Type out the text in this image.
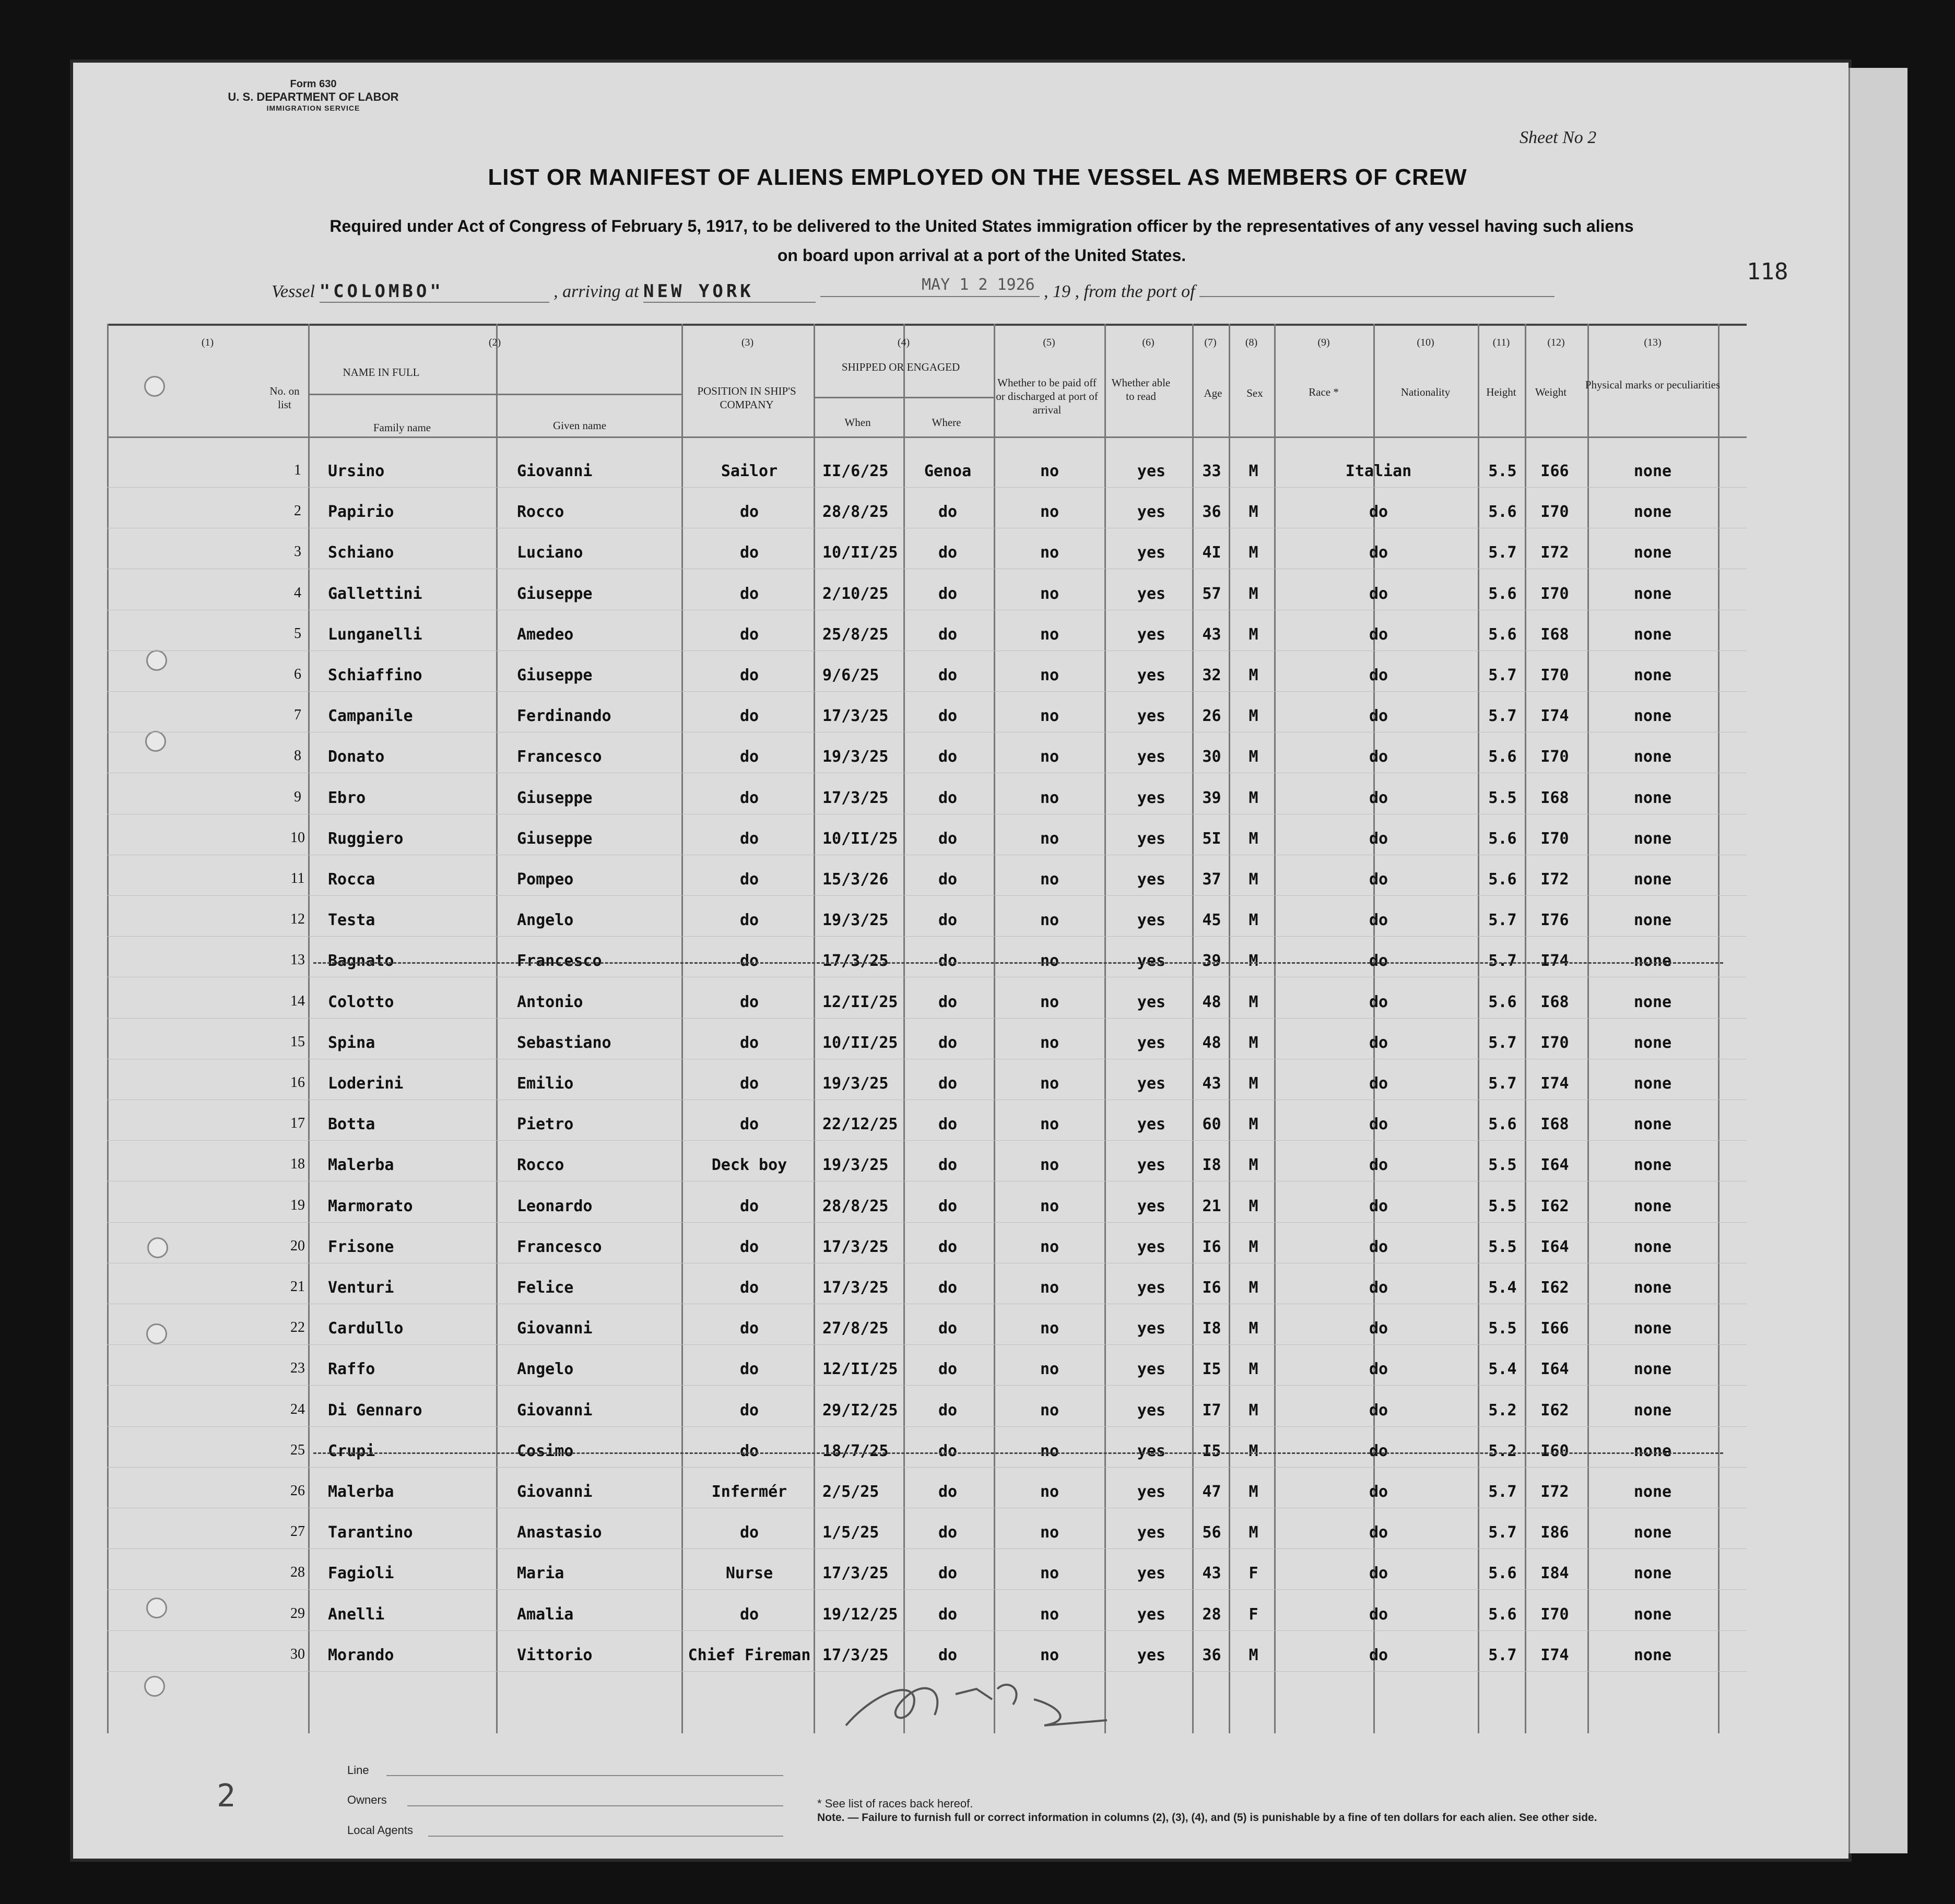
Form 630
U. S. DEPARTMENT OF LABOR
IMMIGRATION SERVICE
Sheet No 2
LIST OR MANIFEST OF ALIENS EMPLOYED ON THE VESSEL AS MEMBERS OF CREW
Required under Act of Congress of February 5, 1917, to be delivered to the United States immigration officer by the representatives of any vessel having such aliens
on board upon arrival at a port of the United States.
Vessel "COLOMBO"	, arriving at NEW YORK	, 19 , from the port of
MAY 1 2 1926	118
NAME IN FULL
Family name	Given name
No. on list
POSITION IN SHIP'S COMPANY
SHIPPED OR ENGAGED
When	Where
Whether to be paid off or discharged at port of arrival
Whether able to read	Age	Sex	Race *	Nationality	Height	Weight
Physical marks or peculiarities
(1)	(2)	(3)	(4)	(5)	(6)	(7)	(8)	(9)	(10)	(11)	(12)	(13)
1	Ursino	Giovanni	Sailor	II/6/25	Genoa	no	yes	33	M	Italian	5.5	I66	none
2	Papirio	Rocco	do	28/8/25	do	no	yes	36	M	do	5.6	I70	none
3	Schiano	Luciano	do	10/II/25	do	no	yes	4I	M	do	5.7	I72	none
4	Gallettini	Giuseppe	do	2/10/25	do	no	yes	57	M	do	5.6	I70	none
5	Lunganelli	Amedeo	do	25/8/25	do	no	yes	43	M	do	5.6	I68	none
6	Schiaffino	Giuseppe	do	9/6/25	do	no	yes	32	M	do	5.7	I70	none
7	Campanile	Ferdinando	do	17/3/25	do	no	yes	26	M	do	5.7	I74	none
8	Donato	Francesco	do	19/3/25	do	no	yes	30	M	do	5.6	I70	none
9	Ebro	Giuseppe	do	17/3/25	do	no	yes	39	M	do	5.5	I68	none
10	Ruggiero	Giuseppe	do	10/II/25	do	no	yes	5I	M	do	5.6	I70	none
11	Rocca	Pompeo	do	15/3/26	do	no	yes	37	M	do	5.6	I72	none
12	Testa	Angelo	do	19/3/25	do	no	yes	45	M	do	5.7	I76	none
13	Bagnato	Francesco	do	17/3/25	do	no	yes	39	M	do	5.7	I74	none
14	Colotto	Antonio	do	12/II/25	do	no	yes	48	M	do	5.6	I68	none
15	Spina	Sebastiano	do	10/II/25	do	no	yes	48	M	do	5.7	I70	none
16	Loderini	Emilio	do	19/3/25	do	no	yes	43	M	do	5.7	I74	none
17	Botta	Pietro	do	22/12/25	do	no	yes	60	M	do	5.6	I68	none
18	Malerba	Rocco	Deck boy	19/3/25	do	no	yes	I8	M	do	5.5	I64	none
19	Marmorato	Leonardo	do	28/8/25	do	no	yes	21	M	do	5.5	I62	none
20	Frisone	Francesco	do	17/3/25	do	no	yes	I6	M	do	5.5	I64	none
21	Venturi	Felice	do	17/3/25	do	no	yes	I6	M	do	5.4	I62	none
22	Cardullo	Giovanni	do	27/8/25	do	no	yes	I8	M	do	5.5	I66	none
23	Raffo	Angelo	do	12/II/25	do	no	yes	I5	M	do	5.4	I64	none
24	Di Gennaro	Giovanni	do	29/I2/25	do	no	yes	I7	M	do	5.2	I62	none
25	Crupi	Cosimo	do	18/7/25	do	no	yes	I5	M	do	5.2	I60	none
26	Malerba	Giovanni	Infermér	2/5/25	do	no	yes	47	M	do	5.7	I72	none
27	Tarantino	Anastasio	do	1/5/25	do	no	yes	56	M	do	5.7	I86	none
28	Fagioli	Maria	Nurse	17/3/25	do	no	yes	43	F	do	5.6	I84	none
29	Anelli	Amalia	do	19/12/25	do	no	yes	28	F	do	5.6	I70	none
30	Morando	Vittorio	Chief Fireman 17/3/25	do	no	yes	36	M	do	5.7	I74	none
Line
Owners
Local Agents
* See list of races back hereof.
Note. — Failure to furnish full or correct information in columns (2), (3), (4), and (5) is punishable by a fine of ten dollars for each alien. See other side.
2
